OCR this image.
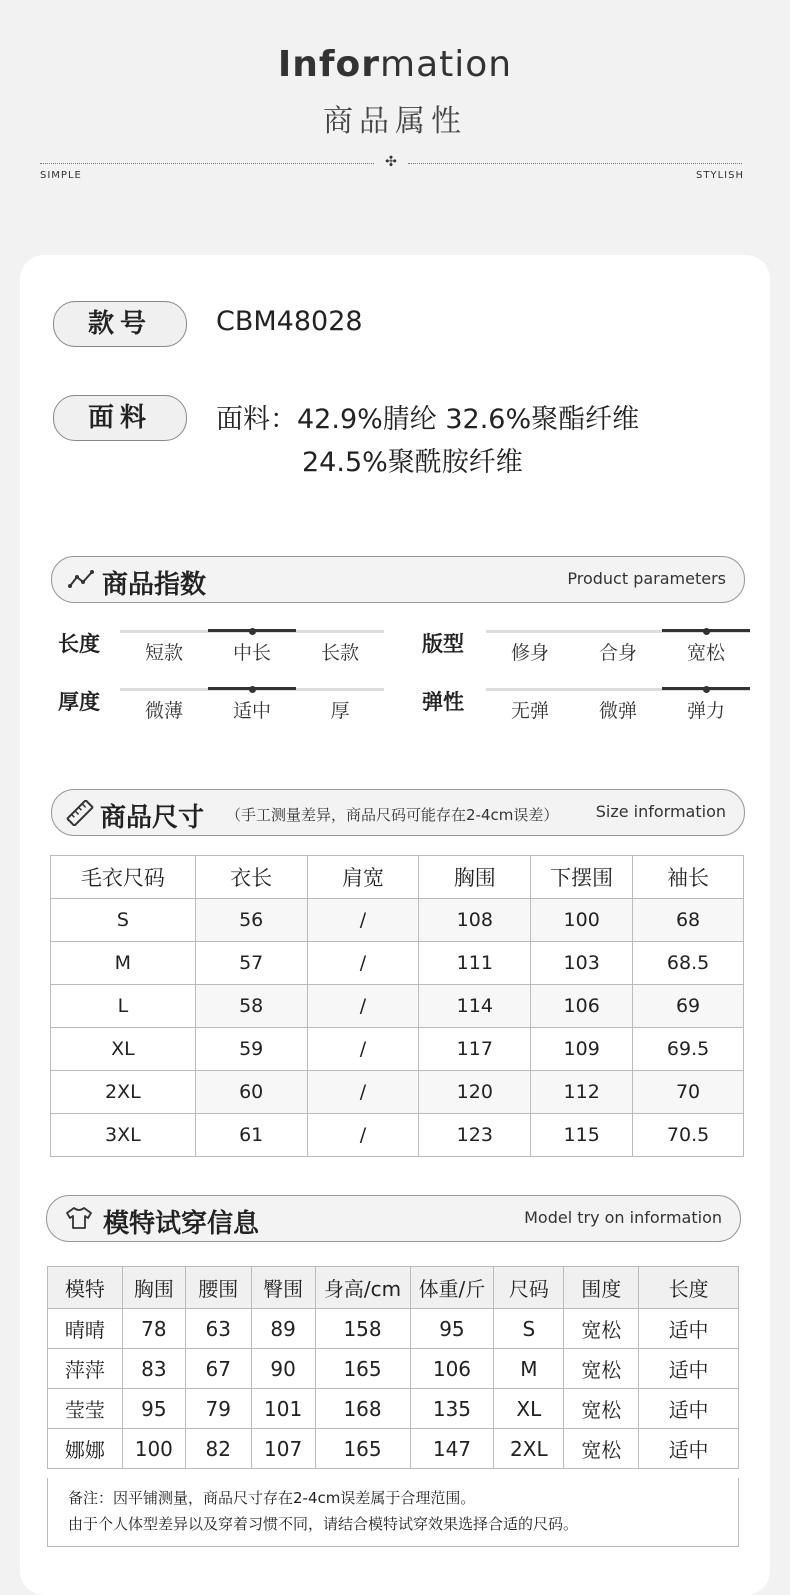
Information
商品属性
✣
SIMPLE	STYLISH
款号	CBM48028
面料	面料：42.9%腈纶 32.6%聚酯纤维
24.5%聚酰胺纤维
商品指数	Product parameters
长度	短款	中长	长款	版型	修身	合身	宽松
厚度	微薄	适中	厚	弹性	无弹	微弹	弹力
商品尺寸 （手工测量差异，商品尺码可能存在2-4cm误差） Size information
毛衣尺码	衣长	肩宽	胸围	下摆围	袖长
S	56	/	108	100	68
M	57	/	111	103	68.5
L	58	/	114	106	69
XL	59	/	117	109	69.5
2XL	60	/	120	112	70
3XL	61	/	123	115	70.5
模特试穿信息	Model try on information
模特	胸围	腰围	臀围	身高/cm	体重/斤	尺码	围度	长度
晴晴	78	63	89	158	95	S	宽松	适中
萍萍	83	67	90	165	106	M	宽松	适中
莹莹	95	79	101	168	135	XL	宽松	适中
娜娜	100	82	107	165	147	2XL	宽松	适中
备注：因平铺测量，商品尺寸存在2-4cm误差属于合理范围。
由于个人体型差异以及穿着习惯不同，请结合模特试穿效果选择合适的尺码。
